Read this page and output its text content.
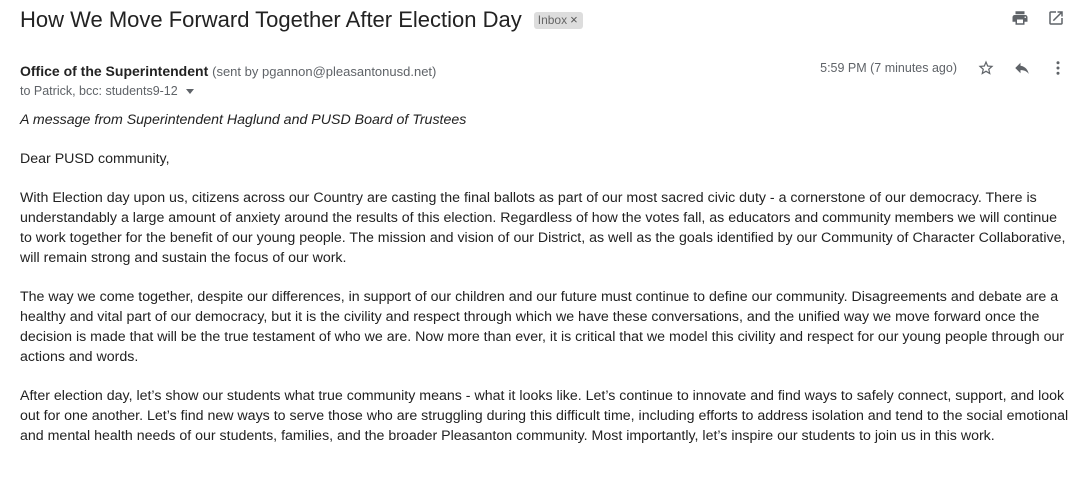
How We Move Forward Together After Election Day Inbox ×
Office of the Superintendent (sent by pgannon@pleasantonusd.net)
to Patrick, bcc: students9-12
5:59 PM (7 minutes ago)

A message from Superintendent Haglund and PUSD Board of Trustees

Dear PUSD community,

With Election day upon us, citizens across our Country are casting the final ballots as part of our most sacred civic duty - a cornerstone of our democracy. There is understandably a large amount of anxiety around the results of this election. Regardless of how the votes fall, as educators and community members we will continue to work together for the benefit of our young people. The mission and vision of our District, as well as the goals identified by our Community of Character Collaborative, will remain strong and sustain the focus of our work.

The way we come together, despite our differences, in support of our children and our future must continue to define our community. Disagreements and debate are a healthy and vital part of our democracy, but it is the civility and respect through which we have these conversations, and the unified way we move forward once the decision is made that will be the true testament of who we are. Now more than ever, it is critical that we model this civility and respect for our young people through our actions and words.

After election day, let’s show our students what true community means - what it looks like. Let’s continue to innovate and find ways to safely connect, support, and look out for one another. Let’s find new ways to serve those who are struggling during this difficult time, including efforts to address isolation and tend to the social emotional and mental health needs of our students, families, and the broader Pleasanton community. Most importantly, let’s inspire our students to join us in this work.
